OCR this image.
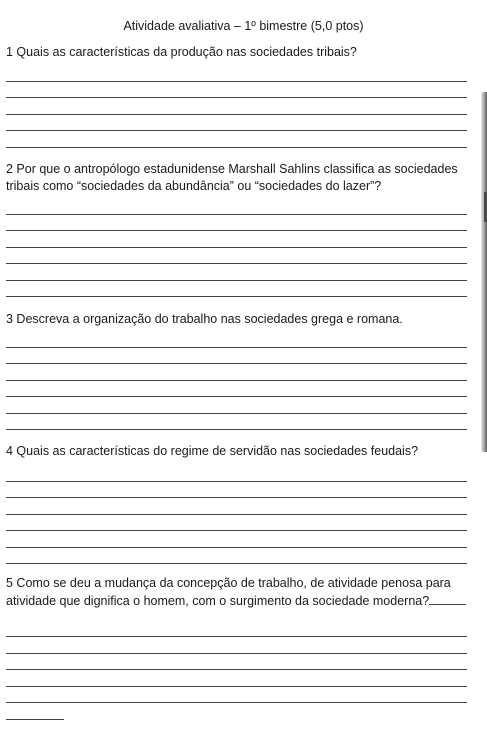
Atividade avaliativa – 1º bimestre (5,0 ptos)
1 Quais as características da produção nas sociedades tribais?
2 Por que o antropólogo estadunidense Marshall Sahlins classifica as sociedades tribais como “sociedades da abundância” ou “sociedades do lazer”?
3 Descreva a organização do trabalho nas sociedades grega e romana.
4 Quais as características do regime de servidão nas sociedades feudais?
5 Como se deu a mudança da concepção de trabalho, de atividade penosa para atividade que dignifica o homem, com o surgimento da sociedade moderna?
